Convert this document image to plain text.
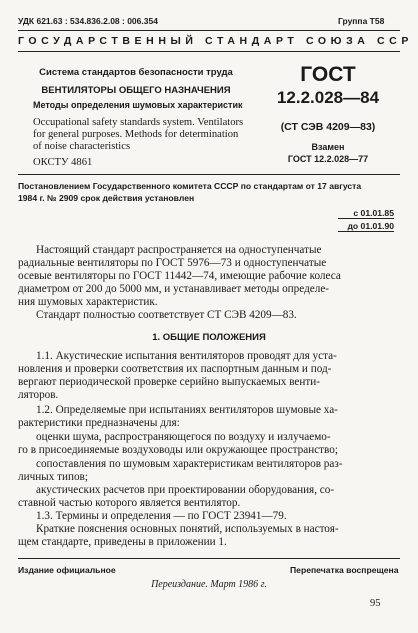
УДК 621.63 : 534.836.2.08 : 006.354	Группа Т58
ГОСУДАРСТВЕННЫЙ СТАНДАРТ СОЮЗА ССР
Система стандартов безопасности труда
ВЕНТИЛЯТОРЫ ОБЩЕГО НАЗНАЧЕНИЯ
Методы определения шумовых характеристик
Occupational safety standards system. Ventilators
for general purposes. Methods for determination
of noise characteristics
ОКСТУ 4861
ГОСТ
12.2.028—84
(СТ СЭВ 4209—83)
Взамен
ГОСТ 12.2.028—77
Постановлением Государственного комитета СССР по стандартам от 17 августа
1984 г. № 2909 срок действия установлен
с 01.01.85
до 01.01.90
Настоящий стандарт распространяется на одноступенчатые
радиальные вентиляторы по ГОСТ 5976—73 и одноступенчатые
осевые вентиляторы по ГОСТ 11442—74, имеющие рабочие колеса
диаметром от 200 до 5000 мм, и устанавливает методы определе-
ния шумовых характеристик.
Стандарт полностью соответствует СТ СЭВ 4209—83.
1. ОБЩИЕ ПОЛОЖЕНИЯ
1.1. Акустические испытания вентиляторов проводят для уста-
новления и проверки соответствия их паспортным данным и под-
вергают периодической проверке серийно выпускаемых венти-
ляторов.
1.2. Определяемые при испытаниях вентиляторов шумовые ха-
рактеристики предназначены для:
оценки шума, распространяющегося по воздуху и излучаемо-
го в присоединяемые воздуховоды или окружающее пространство;
сопоставления по шумовым характеристикам вентиляторов раз-
личных типов;
акустических расчетов при проектировании оборудования, со-
ставной частью которого является вентилятор.
1.3. Термины и определения — по ГОСТ 23941—79.
Краткие пояснения основных понятий, используемых в настоя-
щем стандарте, приведены в приложении 1.
Издание официальное	Перепечатка воспрещена
Переиздание. Март 1986 г.
95
